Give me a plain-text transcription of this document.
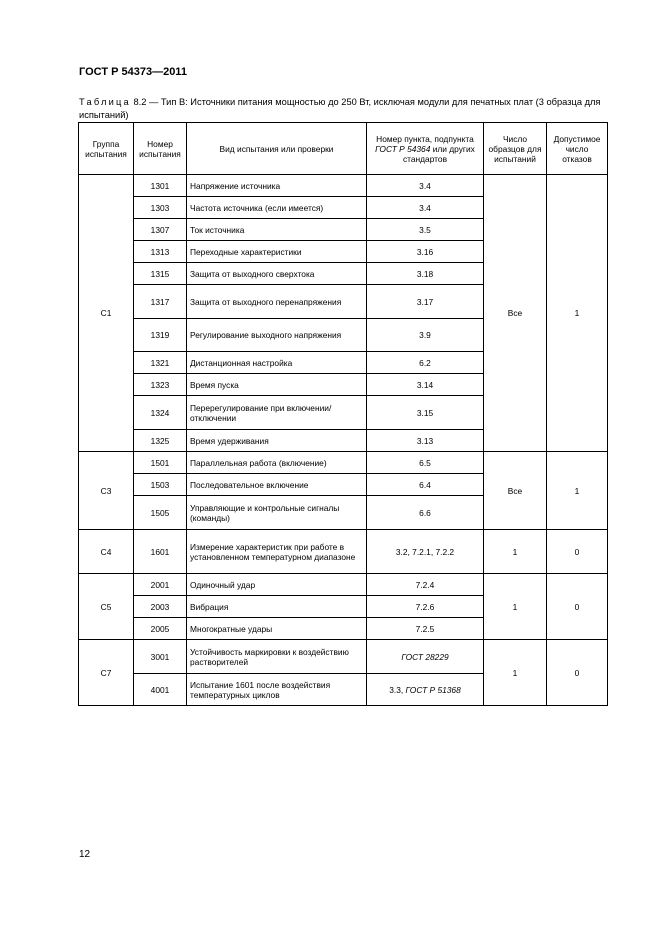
ГОСТ Р 54373—2011
Таблица 8.2 — Тип В: Источники питания мощностью до 250 Вт, исключая модули для печатных плат (3 образца для испытаний)
Группа испытания	Номер испытания	Вид испытания или проверки	Номер пункта, подпункта ГОСТ Р 54364 или других стандартов	Число образцов для испытаний	Допустимое число отказов
C1	1301	Напряжение источника	3.4	Все	1
	1303	Частота источника (если имеется)	3.4		
	1307	Ток источника	3.5		
	1313	Переходные характеристики	3.16		
	1315	Защита от выходного сверхтока	3.18		
	1317	Защита от выходного перенапряжения	3.17		
	1319	Регулирование выходного напряжения	3.9		
	1321	Дистанционная настройка	6.2		
	1323	Время пуска	3.14		
	1324	Перерегулирование при включении/отключении	3.15		
	1325	Время удерживания	3.13		
C3	1501	Параллельная работа (включение)	6.5	Все	1
	1503	Последовательное включение	6.4		
	1505	Управляющие и контрольные сигналы (команды)	6.6		
C4	1601	Измерение характеристик при работе в установленном температурном диапазоне	3.2, 7.2.1, 7.2.2	1	0
C5	2001	Одиночный удар	7.2.4	1	0
	2003	Вибрация	7.2.6		
	2005	Многократные удары	7.2.5		
C7	3001	Устойчивость маркировки к воздействию растворителей	ГОСТ 28229	1	0
	4001	Испытание 1601 после воздействия температурных циклов	3.3, ГОСТ Р 51368		
12
